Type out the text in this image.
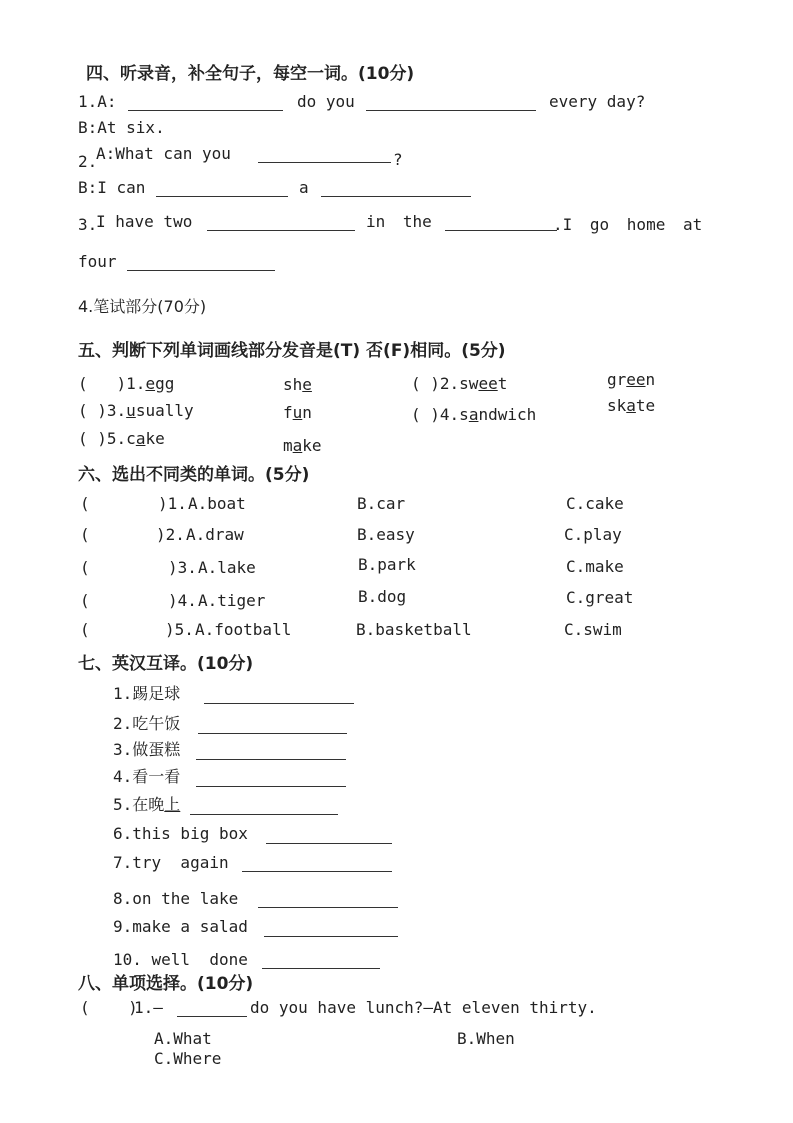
四、听录音，补全句子，每空一词。(10分)
1.A:	do you	every day?
B:At six.
2.
A:What can you	?
B:I can	a
3.
I have two	in the	.I go home at
four
4.笔试部分(70分)
五、判断下列单词画线部分发音是(T) 否(F)相同。(5分)
(   )1.egg	she	( )2.sweet	green
( )3.usually	fun	( )4.sandwich	skate
( )5.cake	make
六、选出不同类的单词。(5分)
(	)1. A.boat	B.car	C.cake
(	)2. A.draw	B.easy	C.play
(	)3. A.lake	B.park	C.make
(	)4. A.tiger	B.dog	C.great
(	)5. A.football	B.basketball	C.swim
七、英汉互译。(10分)
1.踢足球
2.吃午饭
3.做蛋糕
4.看一看
5.在晚上
6.this big box
7.try  again
8.on the lake
9.make a salad
10. well  done
八、单项选择。(10分)
(    )
1.—	do you have lunch?—At eleven thirty.
A.What	B.When
C.Where
